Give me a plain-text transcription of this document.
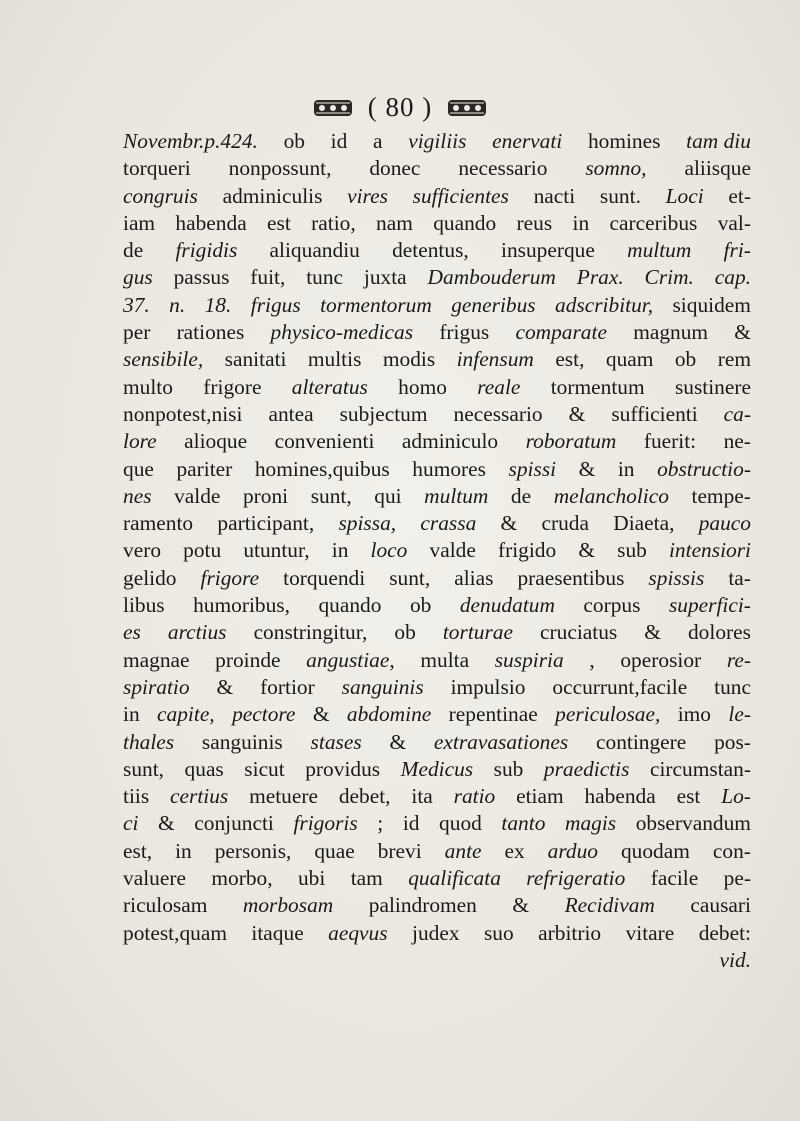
( 80 )
Novembr.p.424. ob id a vigiliis enervati homines tam diu
torqueri nonpossunt, donec necessario somno, aliisque
congruis adminiculis vires sufficientes nacti sunt. Loci et-
iam habenda est ratio, nam quando reus in carceribus val-
de frigidis aliquandiu detentus, insuperque multum fri-
gus passus fuit, tunc juxta Dambouderum Prax. Crim. cap.
37. n. 18. frigus tormentorum generibus adscribitur, siquidem
per rationes physico-medicas frigus comparate magnum &
sensibile, sanitati multis modis infensum est, quam ob rem
multo frigore alteratus homo reale tormentum sustinere
nonpotest,nisi antea subjectum necessario & sufficienti ca-
lore alioque convenienti adminiculo roboratum fuerit: ne-
que pariter homines,quibus humores spissi & in obstructio-
nes valde proni sunt, qui multum de melancholico tempe-
ramento participant, spissa, crassa & cruda Diaeta, pauco
vero potu utuntur, in loco valde frigido & sub intensiori
gelido frigore torquendi sunt, alias praesentibus spissis ta-
libus humoribus, quando ob denudatum corpus superfici-
es arctius constringitur, ob torturae cruciatus & dolores
magnae proinde angustiae, multa suspiria , operosior re-
spiratio & fortior sanguinis impulsio occurrunt,facile tunc
in capite, pectore & abdomine repentinae periculosae, imo le-
thales sanguinis stases & extravasationes contingere pos-
sunt, quas sicut providus Medicus sub praedictis circumstan-
tiis certius metuere debet, ita ratio etiam habenda est Lo-
ci & conjuncti frigoris ; id quod tanto magis observandum
est, in personis, quae brevi ante ex arduo quodam con-
valuere morbo, ubi tam qualificata refrigeratio facile pe-
riculosam morbosam palindromen & Recidivam causari
potest,quam itaque aeqvus judex suo arbitrio vitare debet:
vid.
